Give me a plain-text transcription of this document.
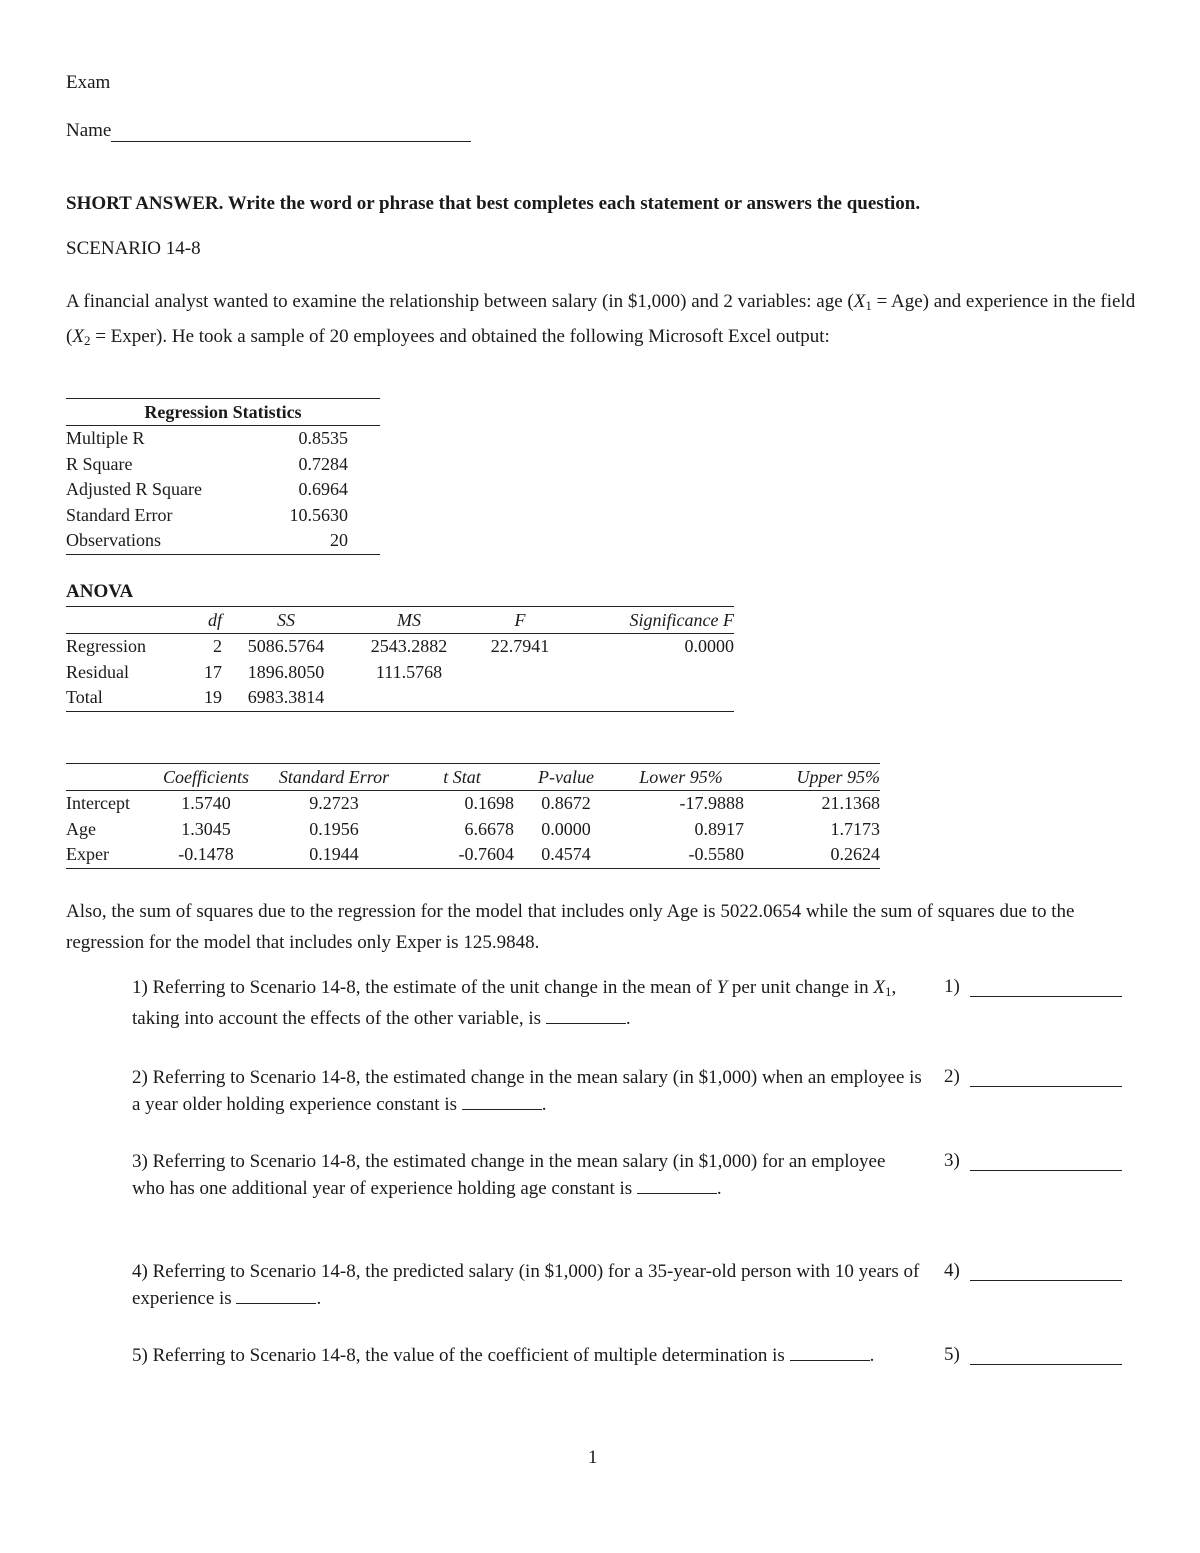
Exam
Name
SHORT ANSWER. Write the word or phrase that best completes each statement or answers the question.
SCENARIO 14-8
A financial analyst wanted to examine the relationship between salary (in $1,000) and 2 variables: age $(X_1 = Age)$ and experience in the field ($X_2$ = Exper). He took a sample of 20 employees and obtained the following Microsoft Excel output:
Regression Statistics	
Multiple R	0.8535
R Square	0.7284
Adjusted R Square	0.6964
Standard Error	10.5630
Observations	20
ANOVA
	df	SS	MS	F	Significance F
Regression	2	5086.5764	2543.2882	22.7941	0.0000
Residual	17	1896.8050	111.5768		
Total	19	6983.3814			
	Coefficients	Standard Error	t Stat	P-value	Lower 95%	Upper 95%
Intercept	1.5740	9.2723	0.1698	0.8672	-17.9888	21.1368
Age	1.3045	0.1956	6.6678	0.0000	0.8917	1.7173
Exper	-0.1478	0.1944	-0.7604	0.4574	-0.5580	0.2624
Also, the sum of squares due to the regression for the model that includes only Age is 5022.0654 while the sum of squares due to the regression for the model that includes only Exper is 125.9848.
1) Referring to Scenario 14-8, the estimate of the unit change in the mean of Y per unit change in $X_1$, taking into account the effects of the other variable, is	.
1)
2) Referring to Scenario 14-8, the estimated change in the mean salary (in $1,000) when an employee is a year older holding experience constant is	.
2)
3) Referring to Scenario 14-8, the estimated change in the mean salary (in $1,000) for an employee who has one additional year of experience holding age constant is	.
3)
4) Referring to Scenario 14-8, the predicted salary (in $1,000) for a 35-year-old person with 10 years of experience is	.
4)
5) Referring to Scenario 14-8, the value of the coefficient of multiple determination is	.	5)
1
